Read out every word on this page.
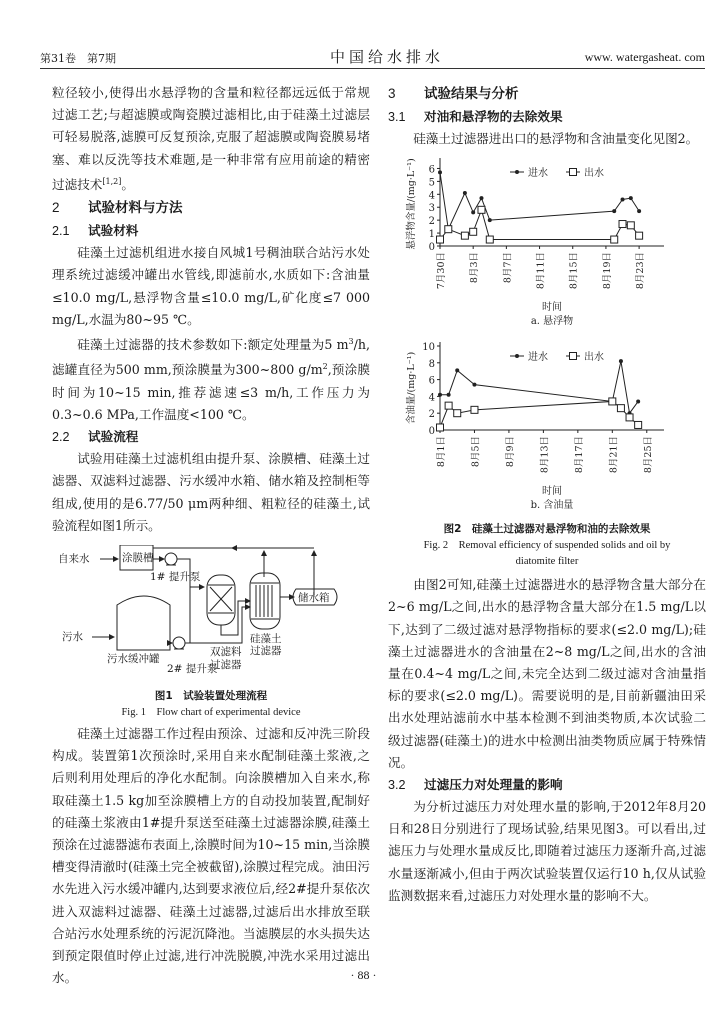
第31卷　第7期	中国给水排水	www. watergasheat. com

粒径较小,使得出水悬浮物的含量和粒径都远远低于常规过滤工艺;与超滤膜或陶瓷膜过滤相比,由于硅藻土过滤层可轻易脱落,滤膜可反复预涂,克服了超滤膜或陶瓷膜易堵塞、难以反洗等技术难题,是一种非常有应用前途的精密过滤技术[1,2]。

2 试验材料与方法
2.1 试验材料

硅藻土过滤机组进水接自风城1号稠油联合站污水处理系统过滤缓冲罐出水管线,即滤前水,水质如下:含油量≤10.0 mg/L,悬浮物含量≤10.0 mg/L,矿化度≤7 000 mg/L,水温为80~95 ℃。

硅藻土过滤器的技术参数如下:额定处理量为5 $m^3/h$,滤罐直径为500 mm,预涂膜量为300~800 $g/m^2$,预涂膜时间为10~15 min,推荐滤速≤3 m/h,工作压力为0.3~0.6 MPa,工作温度<100 ℃。

2.2 试验流程

试验用硅藻土过滤机组由提升泵、涂膜槽、硅藻土过滤器、双滤料过滤器、污水缓冲水箱、储水箱及控制柜等组成,使用的是6.77/50 μm两种细、粗粒径的硅藻土,试验流程如图1所示。

自来水	涂膜槽
1# 提升泵
储水箱
污水
污水缓冲罐
2# 提升泵
双滤料
过滤器
硅藻土
过滤器
图1　试验装置处理流程
Fig. 1　Flow chart of experimental device

硅藻土过滤器工作过程由预涂、过滤和反冲洗三阶段构成。装置第1次预涂时,采用自来水配制硅藻土浆液,之后则利用处理后的净化水配制。向涂膜槽加入自来水,称取硅藻土1.5 kg加至涂膜槽上方的自动投加装置,配制好的硅藻土浆液由1#提升泵送至硅藻土过滤器涂膜,硅藻土预涂在过滤器滤布表面上,涂膜时间为10~15 min,当涂膜槽变得清澈时(硅藻土完全被截留),涂膜过程完成。油田污水先进入污水缓冲罐内,达到要求液位后,经2#提升泵依次进入双滤料过滤器、硅藻土过滤器,过滤后出水排放至联合站污水处理系统的污泥沉降池。当滤膜层的水头损失达到预定限值时停止过滤,进行冲洗脱膜,冲洗水采用过滤出水。

3 试验结果与分析
3.1 对油和悬浮物的去除效果

硅藻土过滤器进出口的悬浮物和含油量变化见图2。

0
1
2
3
4
5
6
悬浮物含量/(mg·L⁻¹)
7月30日 8月3日 8月7日 8月11日 8月15日 8月19日 8月23日
时间
a. 悬浮物
进水	出水
0
2
4
6
8
10
含油量/(mg·L⁻¹)
8月1日 8月5日 8月9日 8月13日 8月17日 8月21日 8月25日
时间
b. 含油量
进水	出水
图2　硅藻土过滤器对悬浮物和油的去除效果
Fig. 2　Removal efficiency of suspended solids and oil by
diatomite filter

由图2可知,硅藻土过滤器进水的悬浮物含量大部分在2~6 mg/L之间,出水的悬浮物含量大部分在1.5 mg/L以下,达到了二级过滤对悬浮物指标的要求(≤2.0 mg/L);硅藻土过滤器进水的含油量在2~8 mg/L之间,出水的含油量在0.4~4 mg/L之间,未完全达到二级过滤对含油量指标的要求(≤2.0 mg/L)。需要说明的是,目前新疆油田采出水处理站滤前水中基本检测不到油类物质,本次试验二级过滤器(硅藻土)的进水中检测出油类物质应属于特殊情况。

3.2 过滤压力对处理量的影响

为分析过滤压力对处理水量的影响,于2012年8月20日和28日分别进行了现场试验,结果见图3。可以看出,过滤压力与处理水量成反比,即随着过滤压力逐渐升高,过滤水量逐渐减小,但由于两次试验装置仅运行10 h,仅从试验监测数据来看,过滤压力对处理水量的影响不大。

· 88 ·
